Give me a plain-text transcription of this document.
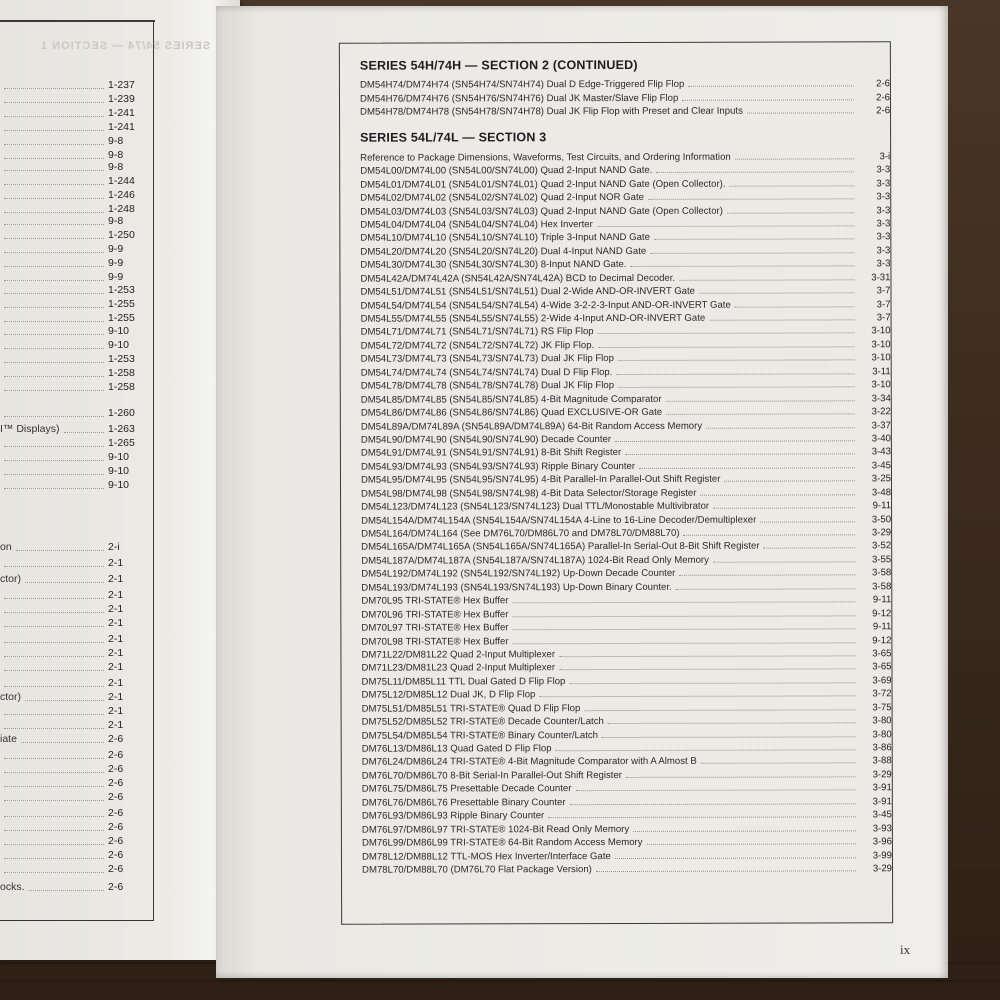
SERIES 54/74 — SECTION 1
1-237
1-239
1-241
1-241
9-8
9-8
9-8
1-244
1-246
1-248
9-8
1-250
9-9
9-9
9-9
1-253
1-255
1-255
9-10
9-10
1-253
1-258
1-258
1-260
I™ Displays)	1-263
1-265
9-10
9-10
9-10
on	2-i
2-1
ctor)	2-1
2-1
2-1
2-1
2-1
2-1
2-1
2-1
ctor)	2-1
2-1
2-1
iate	2-6
2-6
2-6
2-6
2-6
2-6
2-6
2-6
2-6
2-6
ocks.	2-6
SERIES 54H/74H — SECTION 2 (CONTINUED)
DM54H74/DM74H74 (SN54H74/SN74H74) Dual D Edge-Triggered Flip Flop	2-6
DM54H76/DM74H76 (SN54H76/SN74H76) Dual JK Master/Slave Flip Flop	2-6
DM54H78/DM74H78 (SN54H78/SN74H78) Dual JK Flip Flop with Preset and Clear Inputs	2-6
SERIES 54L/74L — SECTION 3
Reference to Package Dimensions, Waveforms, Test Circuits, and Ordering Information	3-i
DM54L00/DM74L00 (SN54L00/SN74L00) Quad 2-Input NAND Gate.	3-3
DM54L01/DM74L01 (SN54L01/SN74L01) Quad 2-Input NAND Gate (Open Collector).	3-3
DM54L02/DM74L02 (SN54L02/SN74L02) Quad 2-Input NOR Gate	3-3
DM54L03/DM74L03 (SN54L03/SN74L03) Quad 2-Input NAND Gate (Open Collector)	3-3
DM54L04/DM74L04 (SN54L04/SN74L04) Hex Inverter	3-3
DM54L10/DM74L10 (SN54L10/SN74L10) Triple 3-Input NAND Gate	3-3
DM54L20/DM74L20 (SN54L20/SN74L20) Dual 4-Input NAND Gate	3-3
DM54L30/DM74L30 (SN54L30/SN74L30) 8-Input NAND Gate.	3-3
DM54L42A/DM74L42A (SN54L42A/SN74L42A) BCD to Decimal Decoder.	3-31
DM54L51/DM74L51 (SN54L51/SN74L51) Dual 2-Wide AND-OR-INVERT Gate	3-7
DM54L54/DM74L54 (SN54L54/SN74L54) 4-Wide 3-2-2-3-Input AND-OR-INVERT Gate	3-7
DM54L55/DM74L55 (SN54L55/SN74L55) 2-Wide 4-Input AND-OR-INVERT Gate	3-7
DM54L71/DM74L71 (SN54L71/SN74L71) RS Flip Flop	3-10
DM54L72/DM74L72 (SN54L72/SN74L72) JK Flip Flop.	3-10
DM54L73/DM74L73 (SN54L73/SN74L73) Dual JK Flip Flop	3-10
DM54L74/DM74L74 (SN54L74/SN74L74) Dual D Flip Flop.	3-11
DM54L78/DM74L78 (SN54L78/SN74L78) Dual JK Flip Flop	3-10
DM54L85/DM74L85 (SN54L85/SN74L85) 4-Bit Magnitude Comparator	3-34
DM54L86/DM74L86 (SN54L86/SN74L86) Quad EXCLUSIVE-OR Gate	3-22
DM54L89A/DM74L89A (SN54L89A/DM74L89A) 64-Bit Random Access Memory	3-37
DM54L90/DM74L90 (SN54L90/SN74L90) Decade Counter	3-40
DM54L91/DM74L91 (SN54L91/SN74L91) 8-Bit Shift Register	3-43
DM54L93/DM74L93 (SN54L93/SN74L93) Ripple Binary Counter	3-45
DM54L95/DM74L95 (SN54L95/SN74L95) 4-Bit Parallel-In Parallel-Out Shift Register	3-25
DM54L98/DM74L98 (SN54L98/SN74L98) 4-Bit Data Selector/Storage Register	3-48
DM54L123/DM74L123 (SN54L123/SN74L123) Dual TTL/Monostable Multivibrator	9-11
DM54L154A/DM74L154A (SN54L154A/SN74L154A 4-Line to 16-Line Decoder/Demultiplexer	3-50
DM54L164/DM74L164 (See DM76L70/DM86L70 and DM78L70/DM88L70)	3-29
DM54L165A/DM74L165A (SN54L165A/SN74L165A) Parallel-In Serial-Out 8-Bit Shift Register	3-52
DM54L187A/DM74L187A (SN54L187A/SN74L187A) 1024-Bit Read Only Memory	3-55
DM54L192/DM74L192 (SN54L192/SN74L192) Up-Down Decade Counter	3-58
DM54L193/DM74L193 (SN54L193/SN74L193) Up-Down Binary Counter.	3-58
DM70L95 TRI-STATE® Hex Buffer	9-11
DM70L96 TRI-STATE® Hex Buffer	9-12
DM70L97 TRI-STATE® Hex Buffer	9-11
DM70L98 TRI-STATE® Hex Buffer	9-12
DM71L22/DM81L22 Quad 2-Input Multiplexer	3-65
DM71L23/DM81L23 Quad 2-Input Multiplexer	3-65
DM75L11/DM85L11 TTL Dual Gated D Flip Flop	3-69
DM75L12/DM85L12 Dual JK, D Flip Flop	3-72
DM75L51/DM85L51 TRI-STATE® Quad D Flip Flop	3-75
DM75L52/DM85L52 TRI-STATE® Decade Counter/Latch	3-80
DM75L54/DM85L54 TRI-STATE® Binary Counter/Latch	3-80
DM76L13/DM86L13 Quad Gated D Flip Flop	3-86
DM76L24/DM86L24 TRI-STATE® 4-Bit Magnitude Comparator with A Almost B	3-88
DM76L70/DM86L70 8-Bit Serial-In Parallel-Out Shift Register	3-29
DM76L75/DM86L75 Presettable Decade Counter	3-91
DM76L76/DM86L76 Presettable Binary Counter	3-91
DM76L93/DM86L93 Ripple Binary Counter	3-45
DM76L97/DM86L97 TRI-STATE® 1024-Bit Read Only Memory	3-93
DM76L99/DM86L99 TRI-STATE® 64-Bit Random Access Memory	3-96
DM78L12/DM88L12 TTL-MOS Hex Inverter/Interface Gate	3-99
DM78L70/DM88L70 (DM76L70 Flat Package Version)	3-29
ix
